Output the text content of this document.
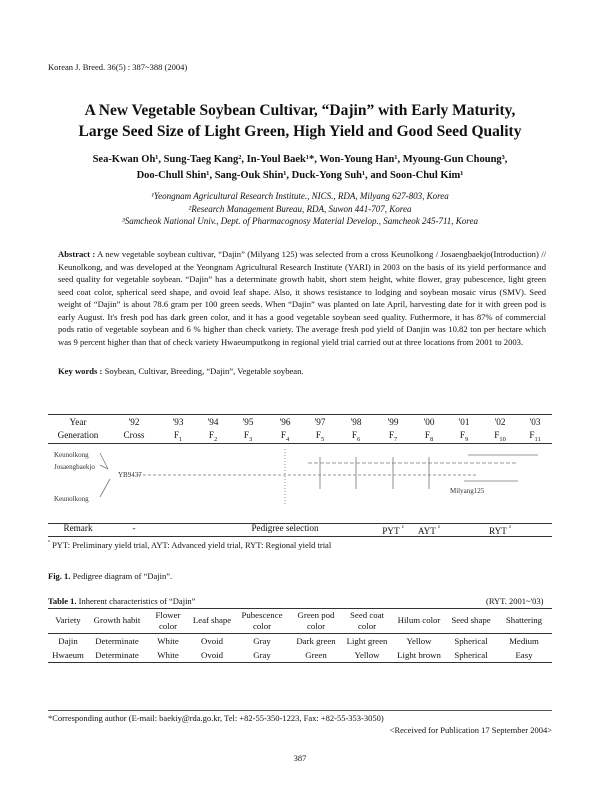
Korean J. Breed. 36(5) : 387~388 (2004)
A New Vegetable Soybean Cultivar, “Dajin” with Early Maturity,
Large Seed Size of Light Green, High Yield and Good Seed Quality
Sea-Kwan Oh¹, Sung-Taeg Kang², In-Youl Baek¹*, Won-Young Han¹, Myoung-Gun Choung³,
Doo-Chull Shin¹, Sang-Ouk Shin¹, Duck-Yong Suh¹, and Soon-Chul Kim¹
¹Yeongnam Agricultural Research Institute., NICS., RDA, Milyang 627-803, Korea
²Research Management Bureau, RDA, Suwon 441-707, Korea
³Samcheok National Univ., Dept. of Pharmacognosy Material Develop., Samcheok 245-711, Korea
Abstract : A new vegetable soybean cultivar, “Dajin” (Milyang 125) was selected from a cross Keunolkong / Josaengbaekjo(Introduction) // Keunolkong, and was developed at the Yeongnam Agricultural Research Institute (YARI) in 2003 on the basis of its yield performance and seed quality for vegetable soybean. “Dajin” has a determinate growth habit, short stem height, white flower, gray pubescence, light green seed coat color, spherical seed shape, and ovoid leaf shape. Also, it shows resistance to lodging and soybean mosaic virus (SMV). Seed weight of “Dajin” is about 78.6 gram per 100 green seeds. When “Dajin” was planted on late April, harvesting date for it with green pod is early August. It's fresh pod has dark green color, and it has a good vegetable soybean seed quality. Futhermore, it has 87% of commercial pods ratio of vegetable soybean and 6 % higher than check variety. The average fresh pod yield of Danjin was 10.82 ton per hectare which was 9 percent higher than that of check variety Hwaeumputkong in regional yield trial carried out at three locations from 2001 to 2003.
Key words : Soybean, Cultivar, Breeding, “Dajin”, Vegetable soybean.
Year	'92	'93	'94	'95	'96	'97	'98	'99	'00	'01	'02	'03
Generation	Cross	$F_1$	$F_2$	$F_3$	$F_4$	$F_5$	$F_6$	$F_7$	$F_8$	$F_9$	$F_{10}$	$F_{11}$
Keunolkong
Josaengbaekjo
Keunolkong
YB9437
Milyang125
Remark	-	Pedigree selection	PYT $^ᶻ$ AYT $^ᶻ$	RYT $^ᶻ$
$^ᶻ$ PYT: Preliminary yield trial, AYT: Advanced yield trial, RYT: Regional yield trial
Fig. 1. Pedigree diagram of “Dajin”.
Table 1. Inherent characteristics of “Dajin”	(RYT. 2001~'03)
Variety	Growth habit	Flower color	Leaf shape	Pubescence color	Green pod color	Seed coat color	Hilum color	Seed shape	Shattering
Dajin	Determinate	White	Ovoid	Gray	Dark green	Light green	Yellow	Spherical	Medium
Hwaeum	Determinate	White	Ovoid	Gray	Green	Yellow	Light brown	Spherical	Easy
*Corresponding author (E-mail: baekiy@rda.go.kr, Tel: +82-55-350-1223, Fax: +82-55-353-3050)
<Received for Publication 17 September 2004>
387
